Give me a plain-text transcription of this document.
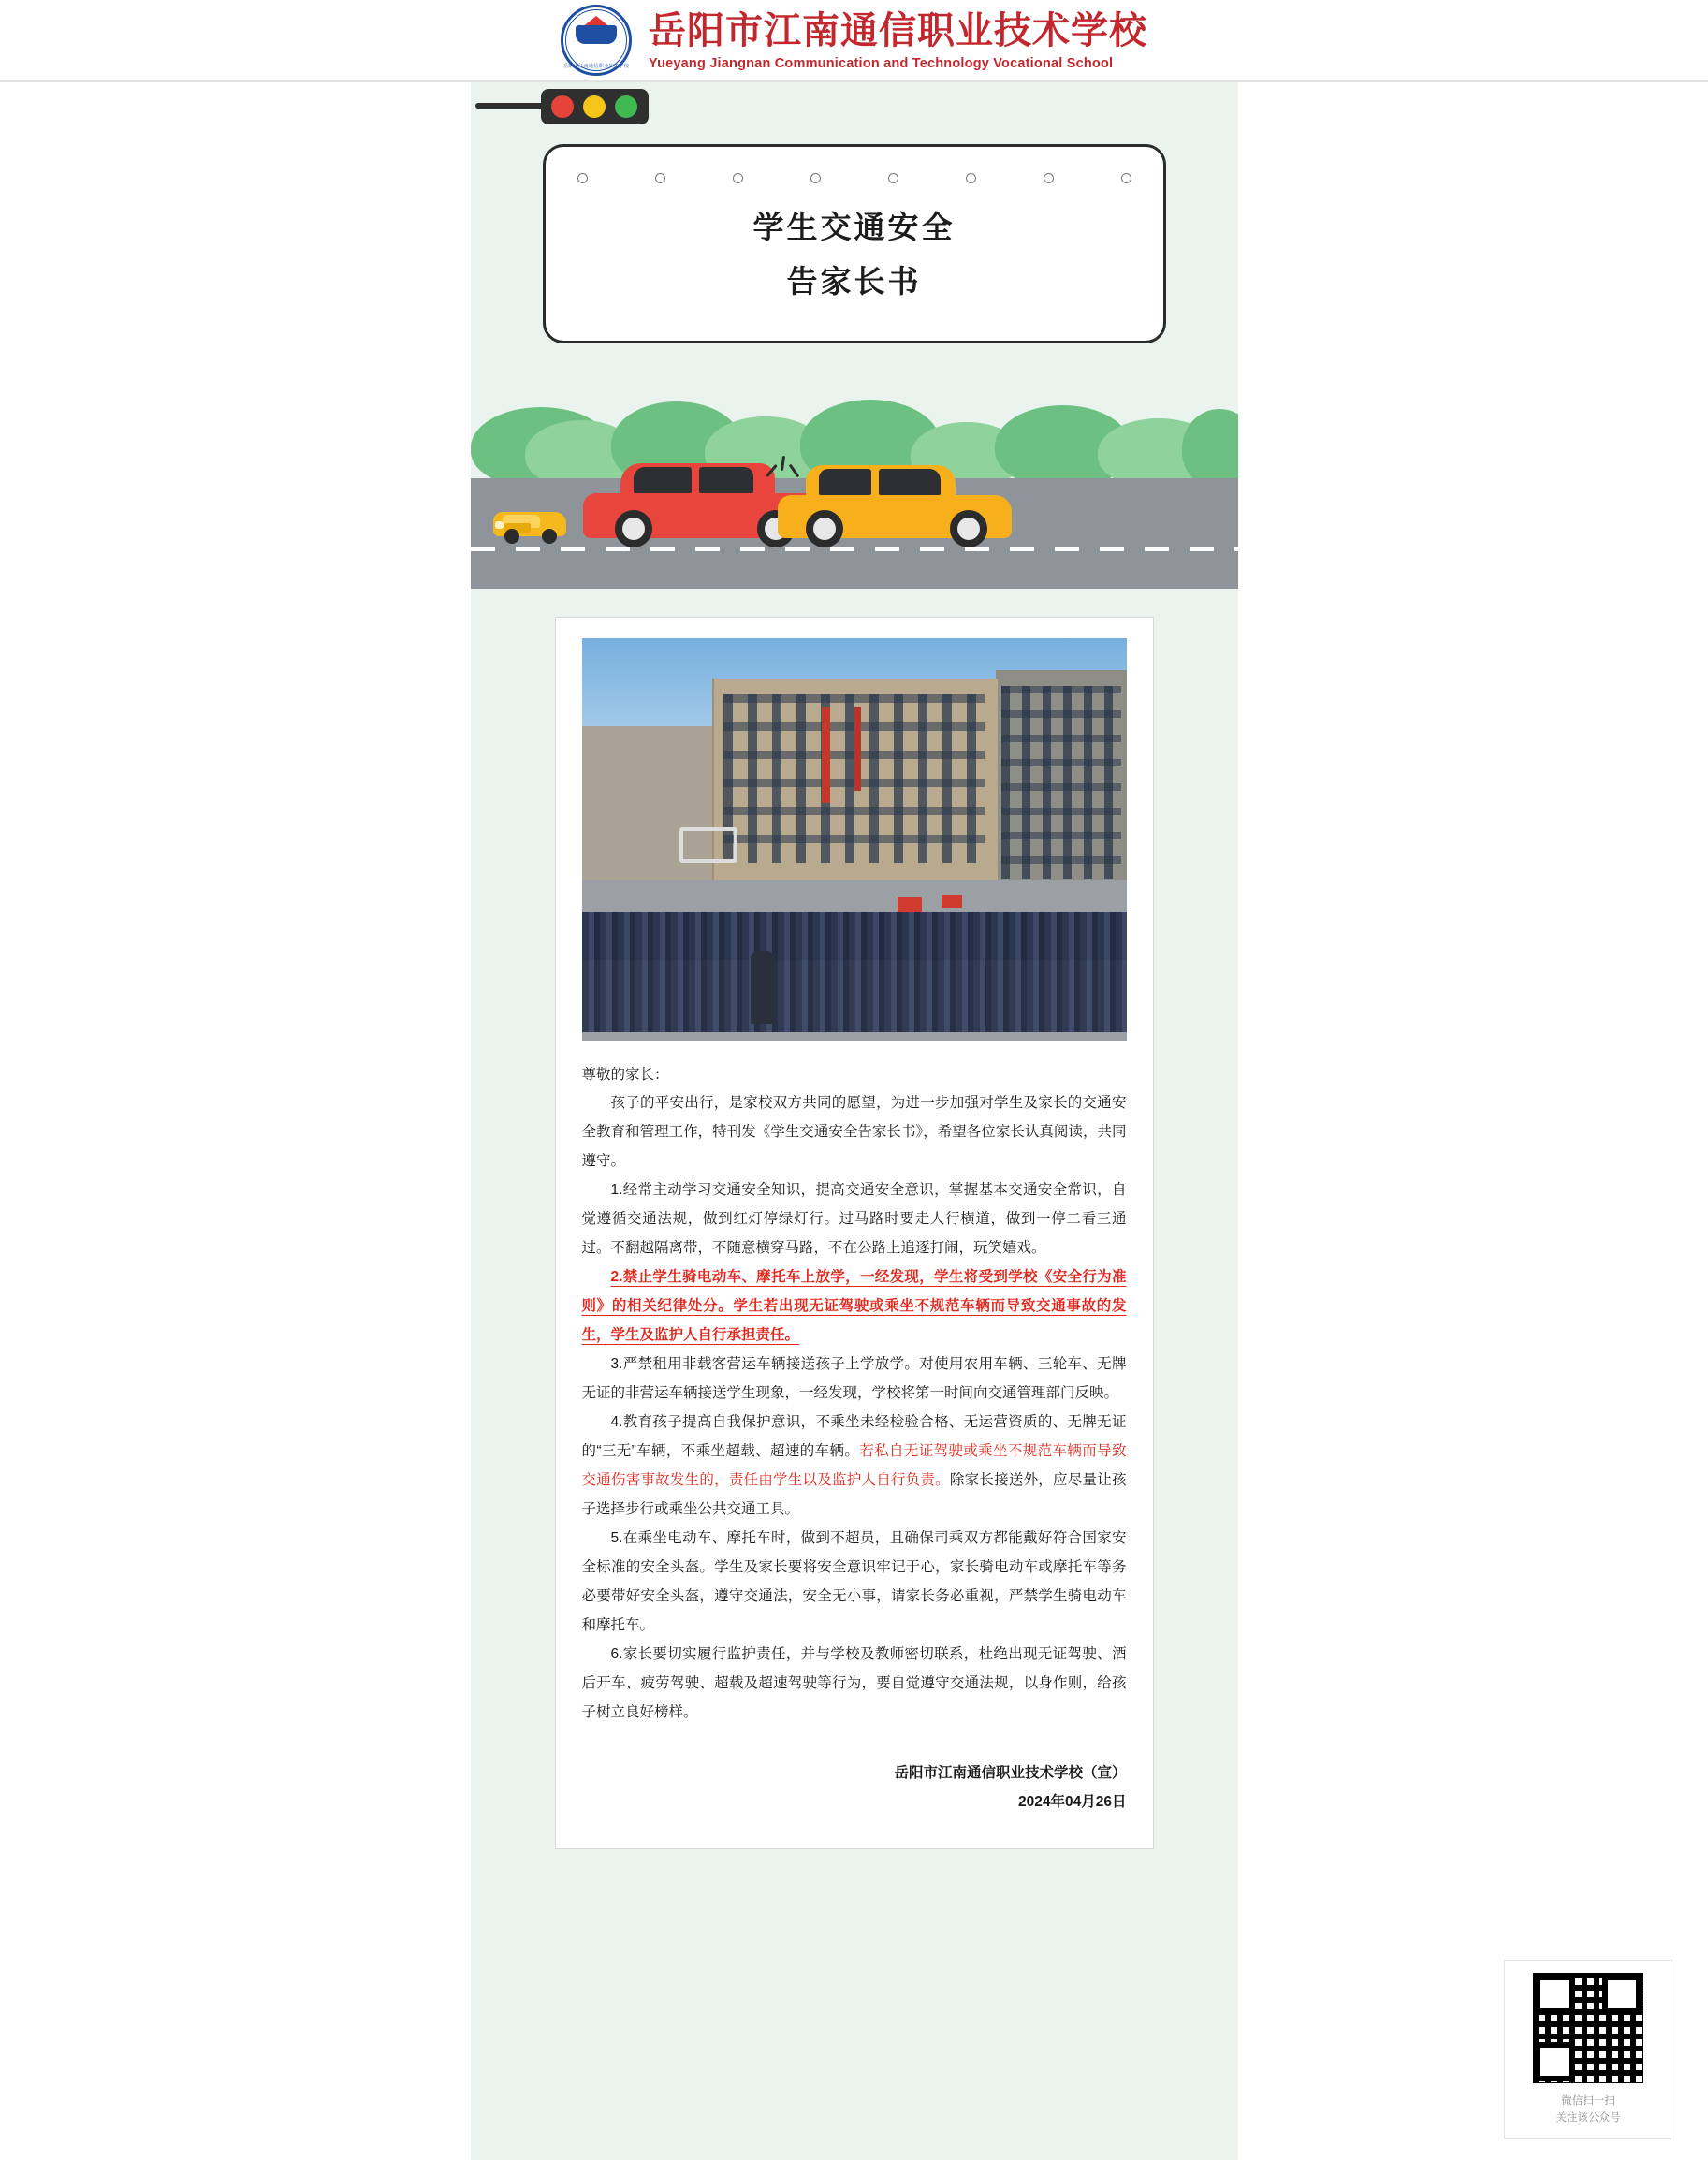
岳阳市江南通信职业技术学校
岳阳市江南通信职业技术学校
Yueyang Jiangnan Communication and Technology Vocational School
学生交通安全
告家长书
尊敬的家长：

孩子的平安出行，是家校双方共同的愿望，为进一步加强对学生及家长的交通安全教育和管理工作，特刊发《学生交通安全告家长书》，希望各位家长认真阅读，共同遵守。

1.经常主动学习交通安全知识，提高交通安全意识，掌握基本交通安全常识，自觉遵循交通法规，做到红灯停绿灯行。过马路时要走人行横道，做到一停二看三通过。不翻越隔离带，不随意横穿马路，不在公路上追逐打闹，玩笑嬉戏。

2.禁止学生骑电动车、摩托车上放学，一经发现，学生将受到学校《安全行为准则》的相关纪律处分。学生若出现无证驾驶或乘坐不规范车辆而导致交通事故的发生，学生及监护人自行承担责任。

3.严禁租用非载客营运车辆接送孩子上学放学。对使用农用车辆、三轮车、无牌无证的非营运车辆接送学生现象，一经发现，学校将第一时间向交通管理部门反映。

4.教育孩子提高自我保护意识，不乘坐未经检验合格、无运营资质的、无牌无证的“三无”车辆，不乘坐超载、超速的车辆。若私自无证驾驶或乘坐不规范车辆而导致交通伤害事故发生的，责任由学生以及监护人自行负责。除家长接送外，应尽量让孩子选择步行或乘坐公共交通工具。

5.在乘坐电动车、摩托车时，做到不超员，且确保司乘双方都能戴好符合国家安全标准的安全头盔。学生及家长要将安全意识牢记于心，家长骑电动车或摩托车等务必要带好安全头盔，遵守交通法，安全无小事，请家长务必重视，严禁学生骑电动车和摩托车。

6.家长要切实履行监护责任，并与学校及教师密切联系，杜绝出现无证驾驶、酒后开车、疲劳驾驶、超载及超速驾驶等行为，要自觉遵守交通法规，以身作则，给孩子树立良好榜样。

岳阳市江南通信职业技术学校（宣）
2024年04月26日
微信扫一扫
关注该公众号
